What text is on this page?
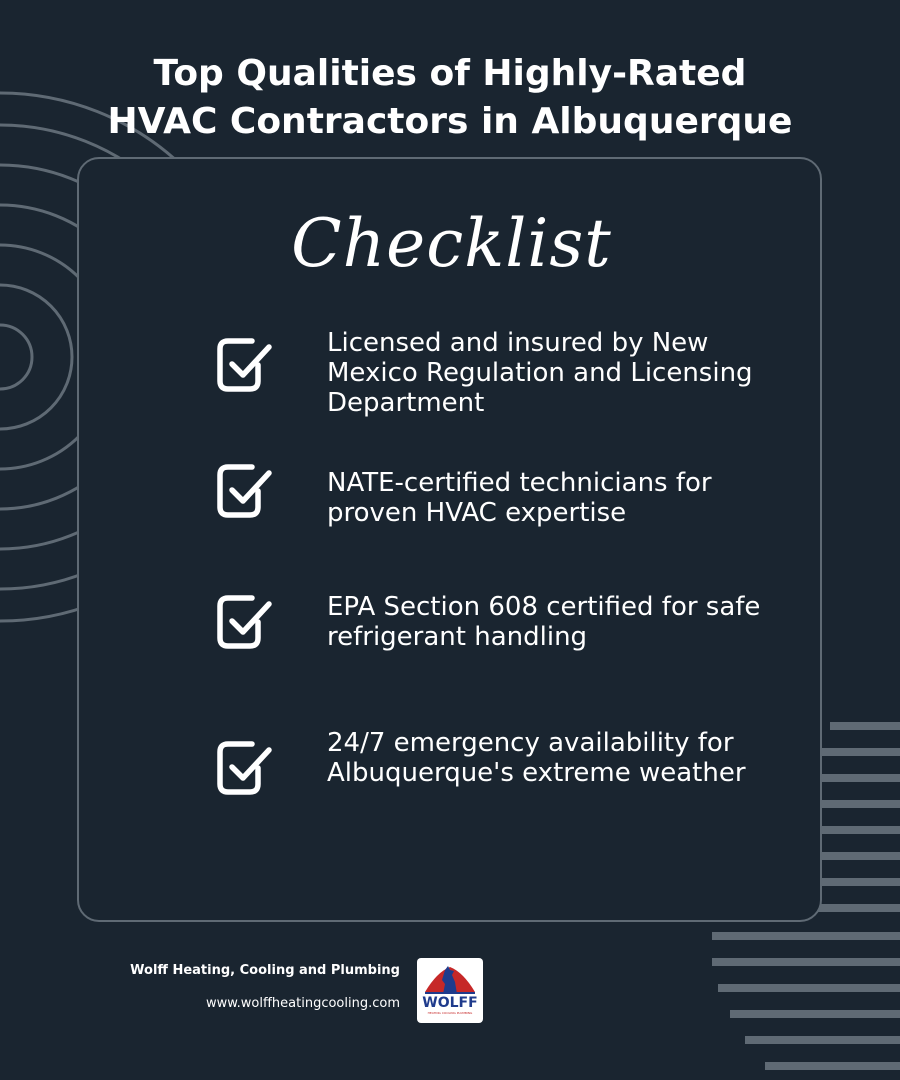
Top Qualities of Highly-Rated
HVAC Contractors in Albuquerque
Checklist
Licensed and insured by New Mexico Regulation and Licensing Department
NATE-certified technicians for proven HVAC expertise
EPA Section 608 certified for safe refrigerant handling
24/7 emergency availability for Albuquerque's extreme weather
Wolff Heating, Cooling and Plumbing
www.wolffheatingcooling.com	WOLFF
HEATING COOLING PLUMBING
